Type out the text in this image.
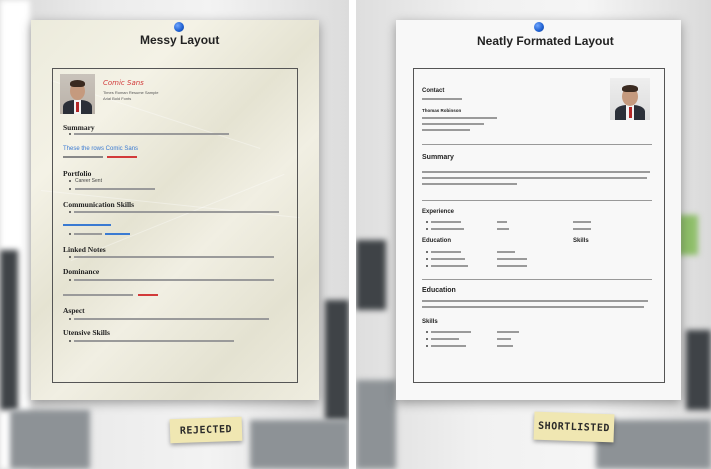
Messy Layout
Comic Sans
Times Roman Resume Sample
Arial Bold Fonts
Summary
These the rows Comic Sans
Portfolio
Career Sent
Communication Skills
Linked Notes
Dominance
Aspect
Utensive Skills
REJECTED
Neatly Formated Layout
Contact
Thomas Robinson
Summary
Experience
Education	Skills
Education
Skills
SHORTLISTED
